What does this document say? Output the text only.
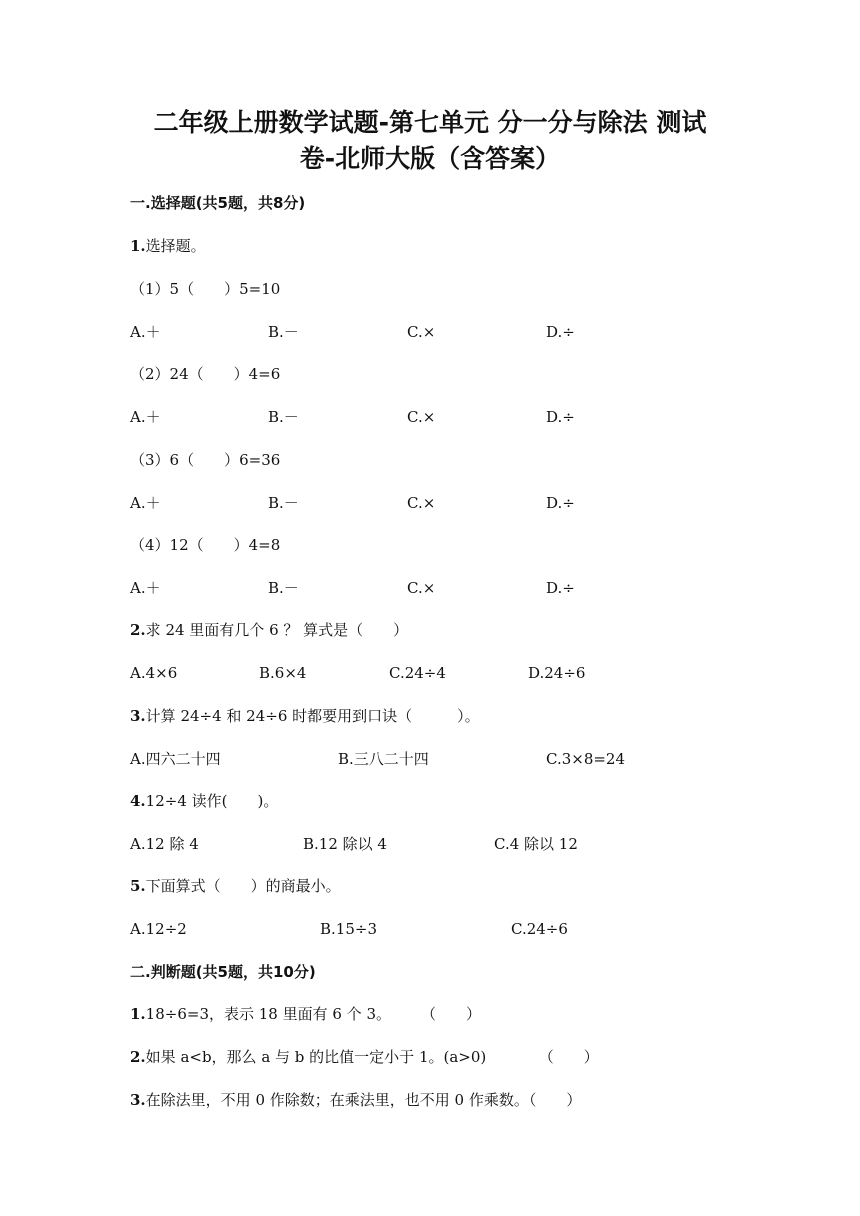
二年级上册数学试题-第七单元 分一分与除法 测试
卷-北师大版（含答案）
一.选择题(共5题，共8分)
1.选择题。
（1）5（　　）5=10
A.＋	B.－	C.×	D.÷
（2）24（　　）4=6
A.＋	B.－	C.×	D.÷
（3）6（　　）6=36
A.＋	B.－	C.×	D.÷
（4）12（　　）4=8
A.＋	B.－	C.×	D.÷
2.求 24 里面有几个 6 ？ 算式是（　　）
A.4×6	B.6×4	C.24÷4	D.24÷6
3.计算 24÷4 和 24÷6 时都要用到口诀（　　　）。
A.四六二十四	B.三八二十四	C.3×8=24
4.12÷4 读作(　　)。
A.12 除 4	B.12 除以 4	C.4 除以 12
5.下面算式（　　）的商最小。
A.12÷2	B.15÷3	C.24÷6
二.判断题(共5题，共10分)
1.18÷6=3，表示 18 里面有 6 个 3。　　　（　　）
2.如果 a<b，那么 a 与 b 的比值一定小于 1。(a>0)　　　　（　　）
3.在除法里，不用 0 作除数；在乘法里，也不用 0 作乘数。（　　）
